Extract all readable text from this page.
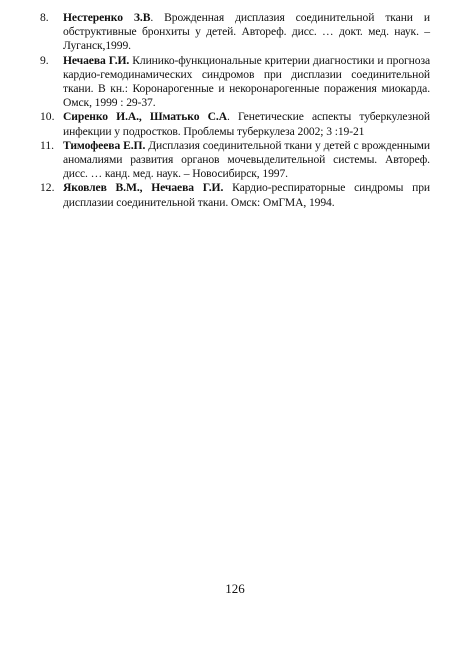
8.	Нестеренко З.В. Врожденная дисплазия соединительной ткани и обструктивные бронхиты у детей. Автореф. дисс. … докт. мед. наук. – Луганск,1999.
9.	Нечаева Г.И. Клинико-функциональные критерии диагностики и прогноза кардио-гемодинамических синдромов при дисплазии соединительной ткани. В кн.: Коронарогенные и некоронарогенные поражения миокарда. Омск, 1999 : 29-37.
10. Сиренко И.А., Шматько С.А. Генетические аспекты туберкулезной инфекции у подростков. Проблемы туберкулеза 2002; 3 :19-21
11. Тимофеева Е.П. Дисплазия соединительной ткани у детей с врожденными аномалиями развития органов мочевыделительной системы. Автореф. дисс. … канд. мед. наук. – Новосибирск, 1997.
12. Яковлев В.М., Нечаева Г.И. Кардио-респираторные синдромы при дисплазии соединительной ткани. Омск: ОмГМА, 1994.
126
